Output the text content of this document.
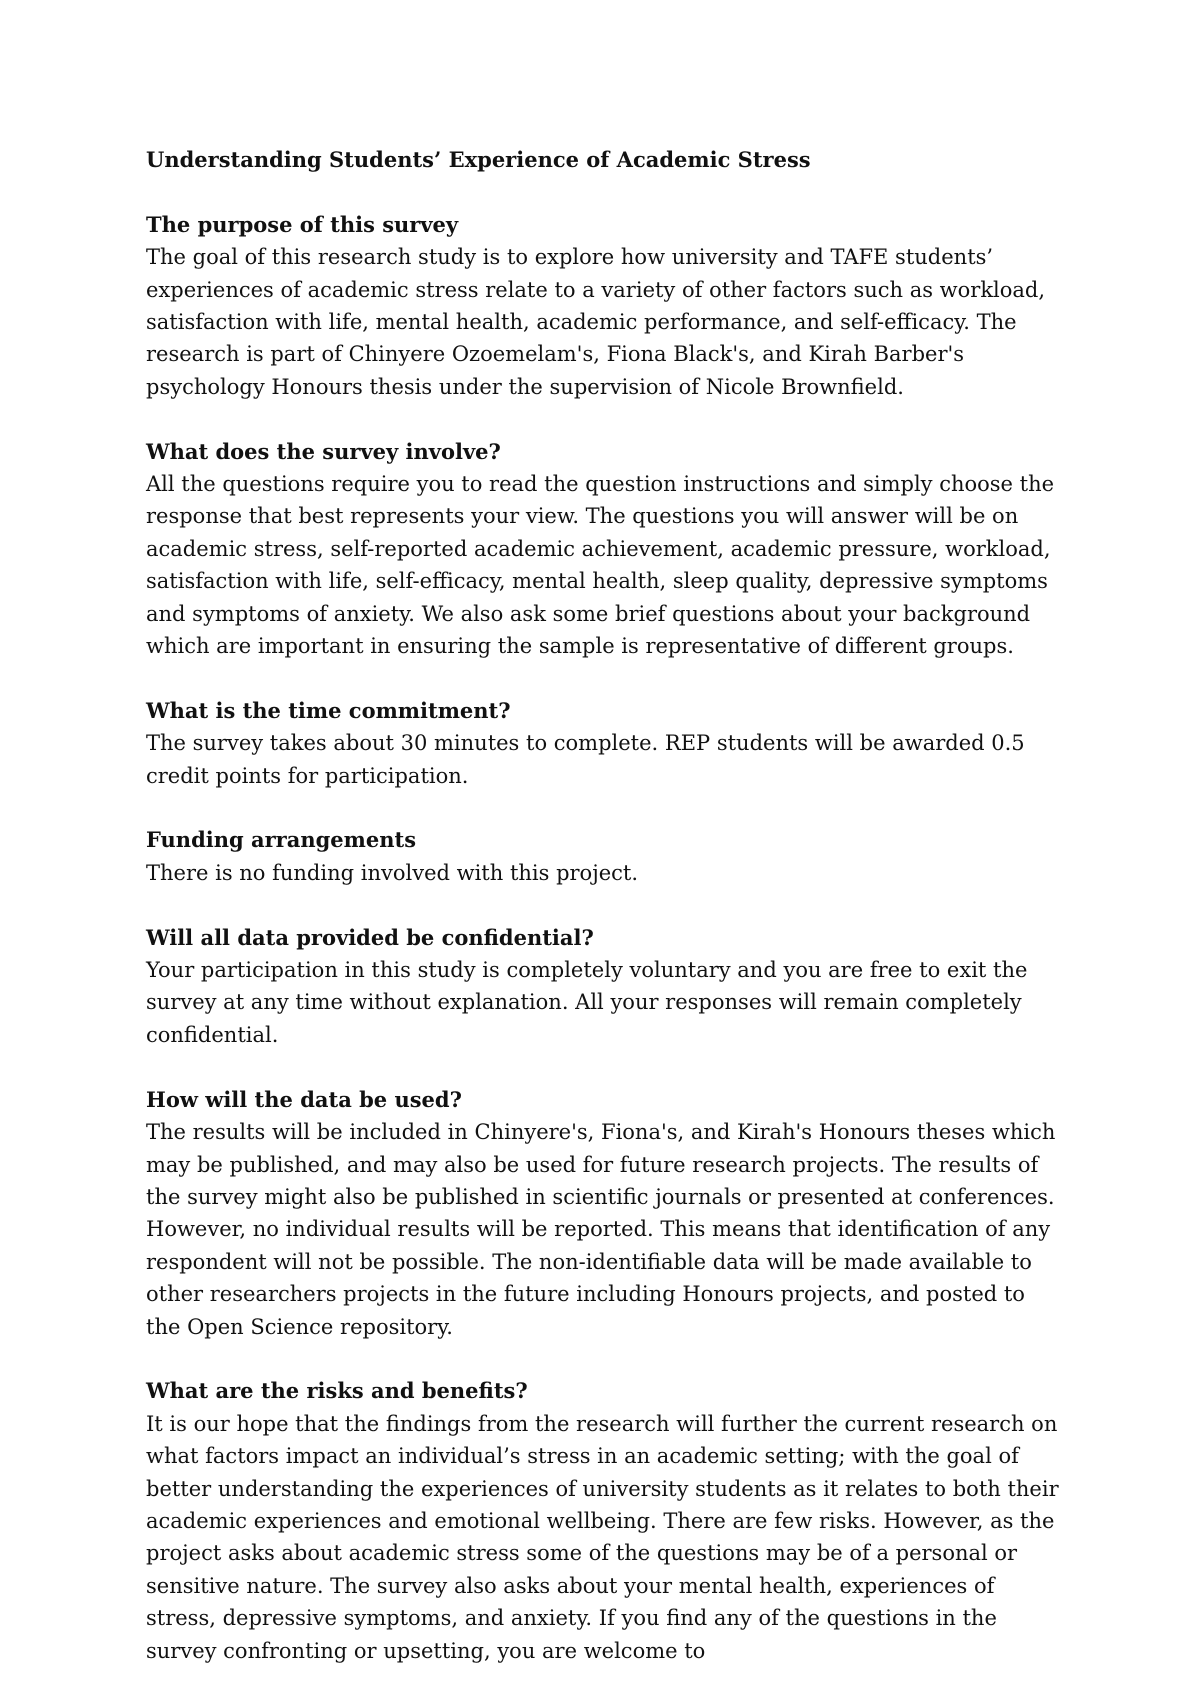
Understanding Students’ Experience of Academic Stress
The purpose of this survey

The goal of this research study is to explore how university and TAFE students’ experiences of academic stress relate to a variety of other factors such as workload, satisfaction with life, mental health, academic performance, and self-efficacy. The research is part of Chinyere Ozoemelam's, Fiona Black's, and Kirah Barber's psychology Honours thesis under the supervision of Nicole Brownfield.

What does the survey involve?

All the questions require you to read the question instructions and simply choose the response that best represents your view. The questions you will answer will be on academic stress, self-reported academic achievement, academic pressure, workload, satisfaction with life, self-efficacy, mental health, sleep quality, depressive symptoms and symptoms of anxiety. We also ask some brief questions about your background which are important in ensuring the sample is representative of different groups.

What is the time commitment?

The survey takes about 30 minutes to complete. REP students will be awarded 0.5 credit points for participation.

Funding arrangements

There is no funding involved with this project.

Will all data provided be confidential?

Your participation in this study is completely voluntary and you are free to exit the survey at any time without explanation. All your responses will remain completely confidential.

How will the data be used?

The results will be included in Chinyere's, Fiona's, and Kirah's Honours theses which may be published, and may also be used for future research projects. The results of the survey might also be published in scientific journals or presented at conferences. However, no individual results will be reported. This means that identification of any respondent will not be possible. The non-identifiable data will be made available to other researchers projects in the future including Honours projects, and posted to the Open Science repository.

What are the risks and benefits?

It is our hope that the findings from the research will further the current research on what factors impact an individual’s stress in an academic setting; with the goal of better understanding the experiences of university students as it relates to both their academic experiences and emotional wellbeing. There are few risks. However, as the project asks about academic stress some of the questions may be of a personal or sensitive nature. The survey also asks about your mental health, experiences of stress, depressive symptoms, and anxiety. If you find any of the questions in the survey confronting or upsetting, you are welcome to
